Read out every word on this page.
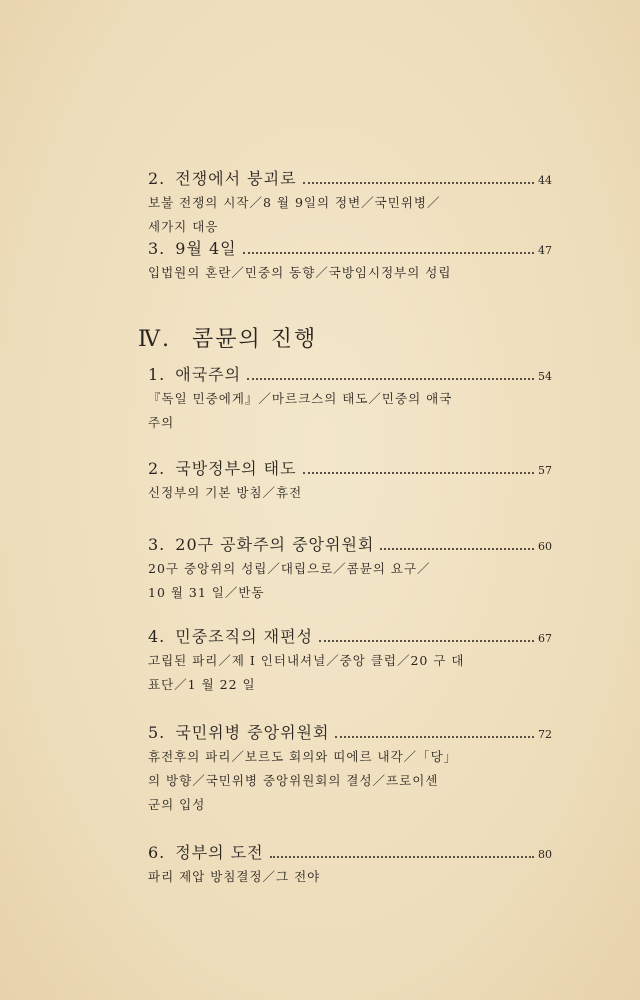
2. 전쟁에서 붕괴로	44
보불 전쟁의 시작／8 월 9일의 정변／국민위병／
세가지 대응
3. 9월 4일	47
입법원의 혼란／민중의 동향／국방임시정부의 성립
Ⅳ. 콤뮨의 진행
1. 애국주의	54
『독일 민중에게』／마르크스의 태도／민중의 애국
주의
2. 국방정부의 태도	57
신정부의 기본 방침／휴전
3. 20구 공화주의 중앙위원회	60
20구 중앙위의 성립／대립으로／콤뮨의 요구／
10 월 31 일／반동
4. 민중조직의 재편성	67
고립된 파리／제 I 인터내셔널／중앙 클럽／20 구 대
표단／1 월 22 일
5. 국민위병 중앙위원회	72
휴전후의 파리／보르도 회의와 띠에르 내각／「당」
의 방향／국민위병 중앙위원회의 결성／프로이센
군의 입성
6. 정부의 도전	80
파리 제압 방침결정／그 전야
